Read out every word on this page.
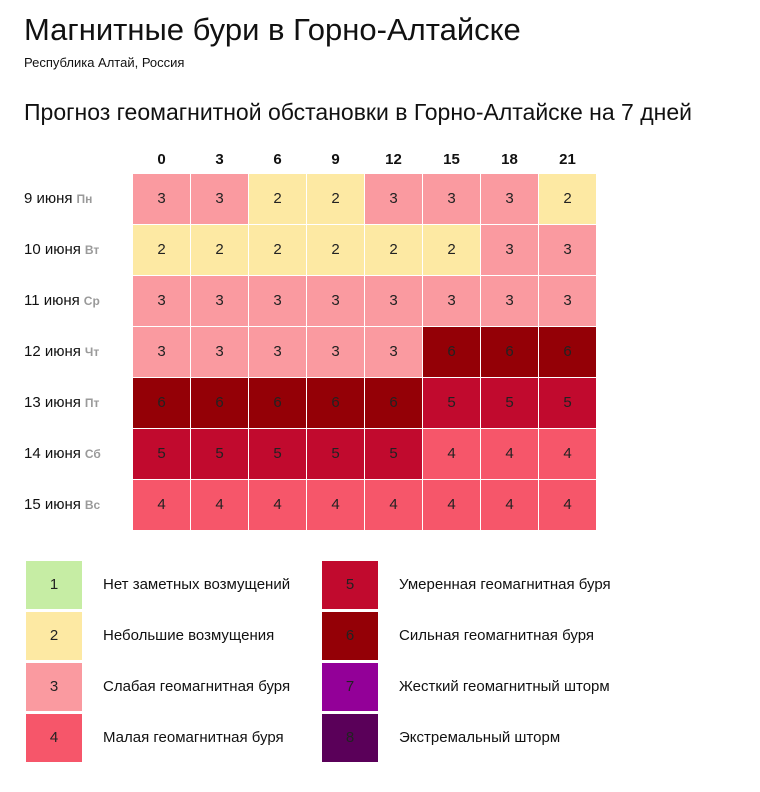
Магнитные бури в Горно-Алтайске
Республика Алтай, Россия
Прогноз геомагнитной обстановки в Горно-Алтайске на 7 дней
0	3	6	9	12	15	18	21
9 июня Пн	3	3	2	2	3	3	3	2
10 июня Вт	2	2	2	2	2	2	3	3
11 июня Ср	3	3	3	3	3	3	3	3
12 июня Чт	3	3	3	3	3	6	6	6
13 июня Пт	6	6	6	6	6	5	5	5
14 июня Сб	5	5	5	5	5	4	4	4
15 июня Вс	4	4	4	4	4	4	4	4
1	Нет заметных возмущений
2	Небольшие возмущения
3	Слабая геомагнитная буря
4	Малая геомагнитная буря
5	Умеренная геомагнитная буря
6	Сильная геомагнитная буря
7	Жесткий геомагнитный шторм
8	Экстремальный шторм
